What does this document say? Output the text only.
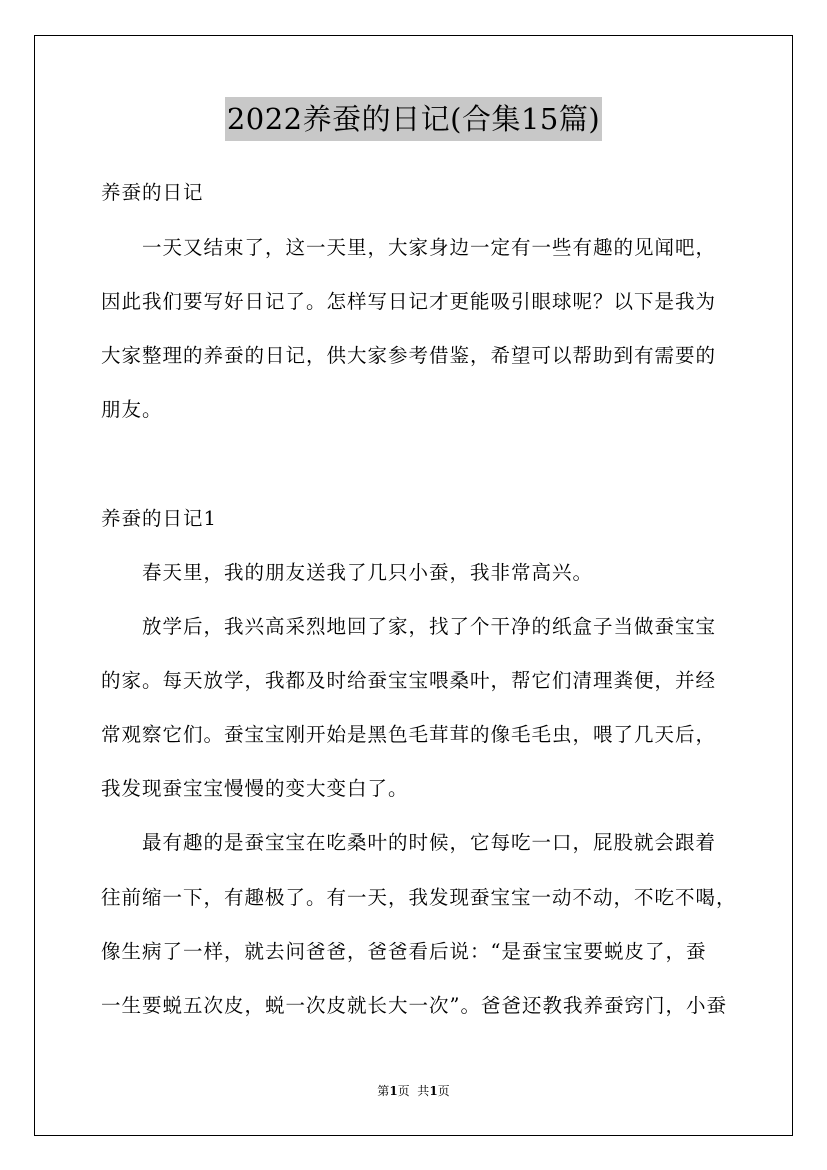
2022养蚕的日记(合集15篇)
养蚕的日记
一天又结束了，这一天里，大家身边一定有一些有趣的见闻吧，
因此我们要写好日记了。怎样写日记才更能吸引眼球呢？以下是我为
大家整理的养蚕的日记，供大家参考借鉴，希望可以帮助到有需要的
朋友。
养蚕的日记1
春天里，我的朋友送我了几只小蚕，我非常高兴。
放学后，我兴高采烈地回了家，找了个干净的纸盒子当做蚕宝宝
的家。每天放学，我都及时给蚕宝宝喂桑叶，帮它们清理粪便，并经
常观察它们。蚕宝宝刚开始是黑色毛茸茸的像毛毛虫，喂了几天后，
我发现蚕宝宝慢慢的变大变白了。
最有趣的是蚕宝宝在吃桑叶的时候，它每吃一口，屁股就会跟着
往前缩一下，有趣极了。有一天，我发现蚕宝宝一动不动，不吃不喝，
像生病了一样，就去问爸爸，爸爸看后说：“是蚕宝宝要蜕皮了，蚕
一生要蜕五次皮，蜕一次皮就长大一次”。爸爸还教我养蚕窍门，小蚕
第1页  共1页
